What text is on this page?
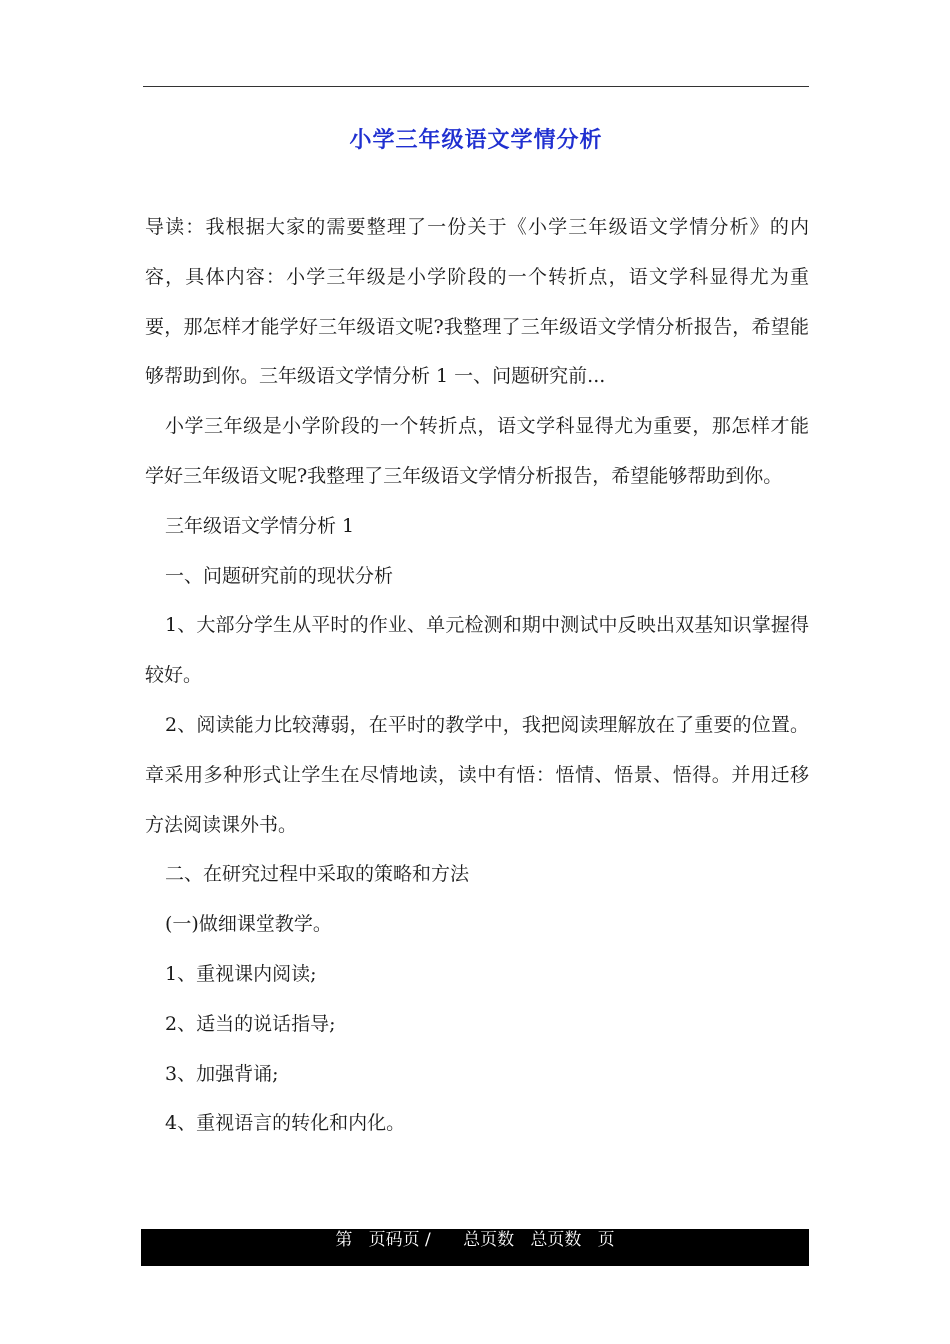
小学三年级语文学情分析

导读：我根据大家的需要整理了一份关于《小学三年级语文学情分析》的内容，具体内容：小学三年级是小学阶段的一个转折点，语文学科显得尤为重要，那怎样才能学好三年级语文呢?我整理了三年级语文学情分析报告，希望能够帮助到你。三年级语文学情分析 1 一、问题研究前...

小学三年级是小学阶段的一个转折点，语文学科显得尤为重要，那怎样才能学好三年级语文呢?我整理了三年级语文学情分析报告，希望能够帮助到你。

三年级语文学情分析 1

一、问题研究前的现状分析

1、大部分学生从平时的作业、单元检测和期中测试中反映出双基知识掌握得较好。

2、阅读能力比较薄弱，在平时的教学中，我把阅读理解放在了重要的位置。章采用多种形式让学生在尽情地读，读中有悟：悟情、悟景、悟得。并用迁移方法阅读课外书。

二、在研究过程中采取的策略和方法

(一)做细课堂教学。

1、重视课内阅读;

2、适当的说话指导;

3、加强背诵;

4、重视语言的转化和内化。

第   页码页 /      总页数   总页数   页
